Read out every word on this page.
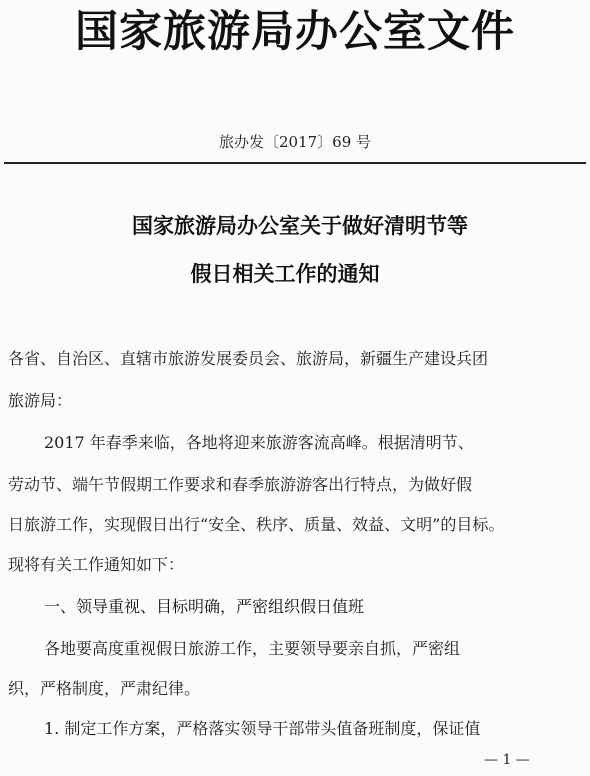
国家旅游局办公室文件
旅办发〔2017〕69 号
国家旅游局办公室关于做好清明节等
假日相关工作的通知
各省、自治区、直辖市旅游发展委员会、旅游局，新疆生产建设兵团
旅游局：
2017 年春季来临，各地将迎来旅游客流高峰。根据清明节、
劳动节、端午节假期工作要求和春季旅游游客出行特点，为做好假
日旅游工作，实现假日出行“安全、秩序、质量、效益、文明”的目标。
现将有关工作通知如下：
一、领导重视、目标明确，严密组织假日值班
各地要高度重视假日旅游工作，主要领导要亲自抓，严密组
织，严格制度，严肃纪律。
1. 制定工作方案，严格落实领导干部带头值备班制度，保证值
— 1 —
